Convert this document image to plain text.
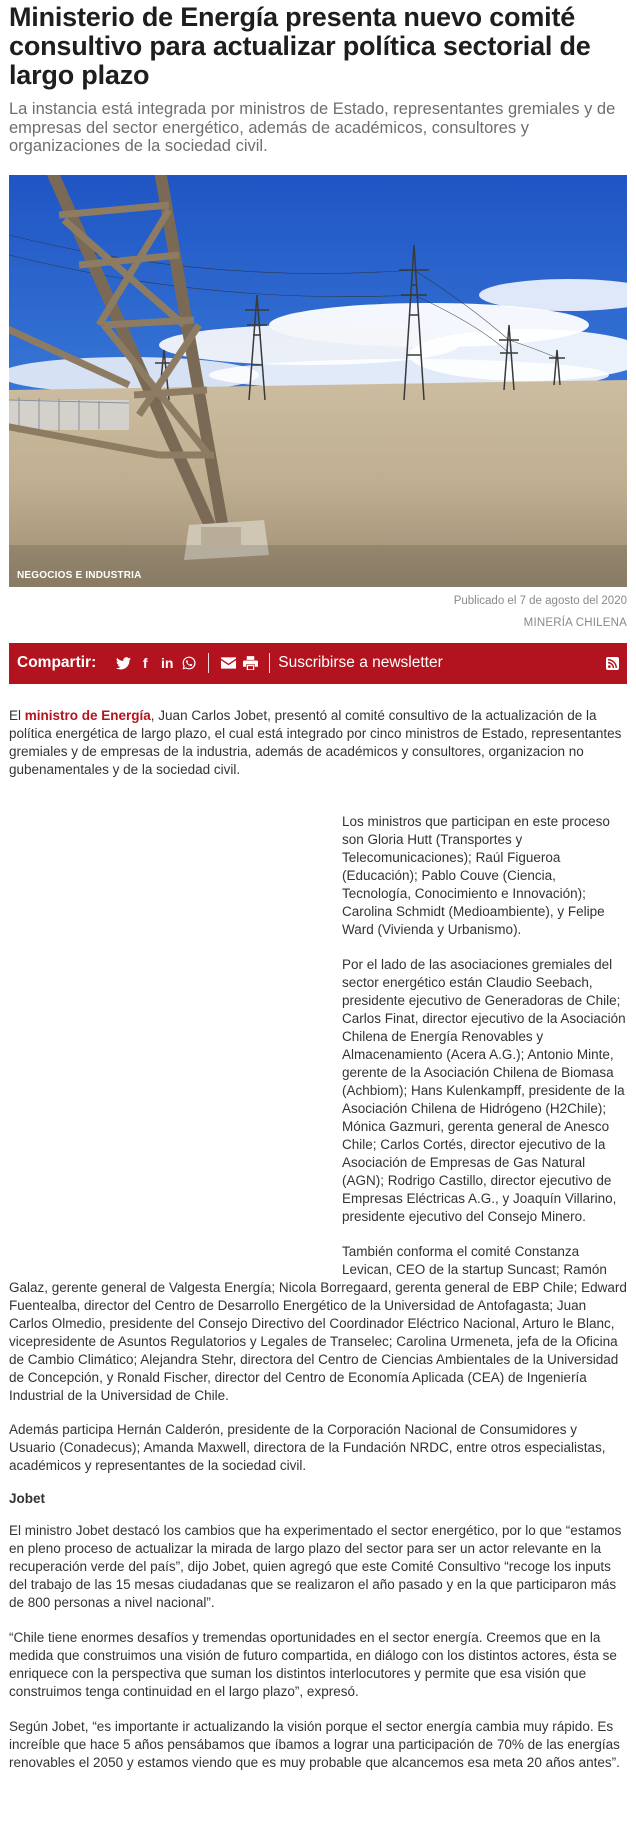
Ministerio de Energía presenta nuevo comité consultivo para actualizar política sectorial de largo plazo

La instancia está integrada por ministros de Estado, representantes gremiales y de empresas del sector energético, además de académicos, consultores y organizaciones de la sociedad civil.

NEGOCIOS E INDUSTRIA
Publicado el 7 de agosto del 2020
MINERÍA CHILENA
Compartir:	f in	Suscribirse a newsletter

El ministro de Energía, Juan Carlos Jobet, presentó al comité consultivo de la actualización de la política energética de largo plazo, el cual está integrado por cinco ministros de Estado, representantes gremiales y de empresas de la industria, además de académicos y consultores, organizacion no gubenamentales y de la sociedad civil.

Los ministros que participan en este proceso son Gloria Hutt (Transportes y Telecomunicaciones); Raúl Figueroa (Educación); Pablo Couve (Ciencia, Tecnología, Conocimiento e Innovación); Carolina Schmidt (Medioambiente), y Felipe Ward (Vivienda y Urbanismo).

Por el lado de las asociaciones gremiales del sector energético están Claudio Seebach, presidente ejecutivo de Generadoras de Chile; Carlos Finat, director ejecutivo de la Asociación Chilena de Energía Renovables y Almacenamiento (Acera A.G.); Antonio Minte, gerente de la Asociación Chilena de Biomasa (Achbiom); Hans Kulenkampff, presidente de la Asociación Chilena de Hidrógeno (H2Chile); Mónica Gazmuri, gerenta general de Anesco Chile; Carlos Cortés, director ejecutivo de la Asociación de Empresas de Gas Natural (AGN); Rodrigo Castillo, director ejecutivo de Empresas Eléctricas A.G., y Joaquín Villarino, presidente ejecutivo del Consejo Minero.

También conforma el comité Constanza Levican, CEO de la startup Suncast; Ramón
Galaz, gerente general de Valgesta Energía; Nicola Borregaard, gerenta general de EBP Chile; Edward Fuentealba, director del Centro de Desarrollo Energético de la Universidad de Antofagasta; Juan Carlos Olmedio, presidente del Consejo Directivo del Coordinador Eléctrico Nacional, Arturo le Blanc, vicepresidente de Asuntos Regulatorios y Legales de Transelec; Carolina Urmeneta, jefa de la Oficina de Cambio Climático; Alejandra Stehr, directora del Centro de Ciencias Ambientales de la Universidad de Concepción, y Ronald Fischer, director del Centro de Economía Aplicada (CEA) de Ingeniería Industrial de la Universidad de Chile.

Además participa Hernán Calderón, presidente de la Corporación Nacional de Consumidores y Usuario (Conadecus); Amanda Maxwell, directora de la Fundación NRDC, entre otros especialistas, académicos y representantes de la sociedad civil.

Jobet

El ministro Jobet destacó los cambios que ha experimentado el sector energético, por lo que “estamos en pleno proceso de actualizar la mirada de largo plazo del sector para ser un actor relevante en la recuperación verde del país”, dijo Jobet, quien agregó que este Comité Consultivo “recoge los inputs del trabajo de las 15 mesas ciudadanas que se realizaron el año pasado y en la que participaron más de 800 personas a nivel nacional”.

“Chile tiene enormes desafíos y tremendas oportunidades en el sector energía. Creemos que en la medida que construimos una visión de futuro compartida, en diálogo con los distintos actores, ésta se enriquece con la perspectiva que suman los distintos interlocutores y permite que esa visión que construimos tenga continuidad en el largo plazo”, expresó.

Según Jobet, “es importante ir actualizando la visión porque el sector energía cambia muy rápido. Es increíble que hace 5 años pensábamos que íbamos a lograr una participación de 70% de las energías renovables el 2050 y estamos viendo que es muy probable que alcancemos esa meta 20 años antes”.
